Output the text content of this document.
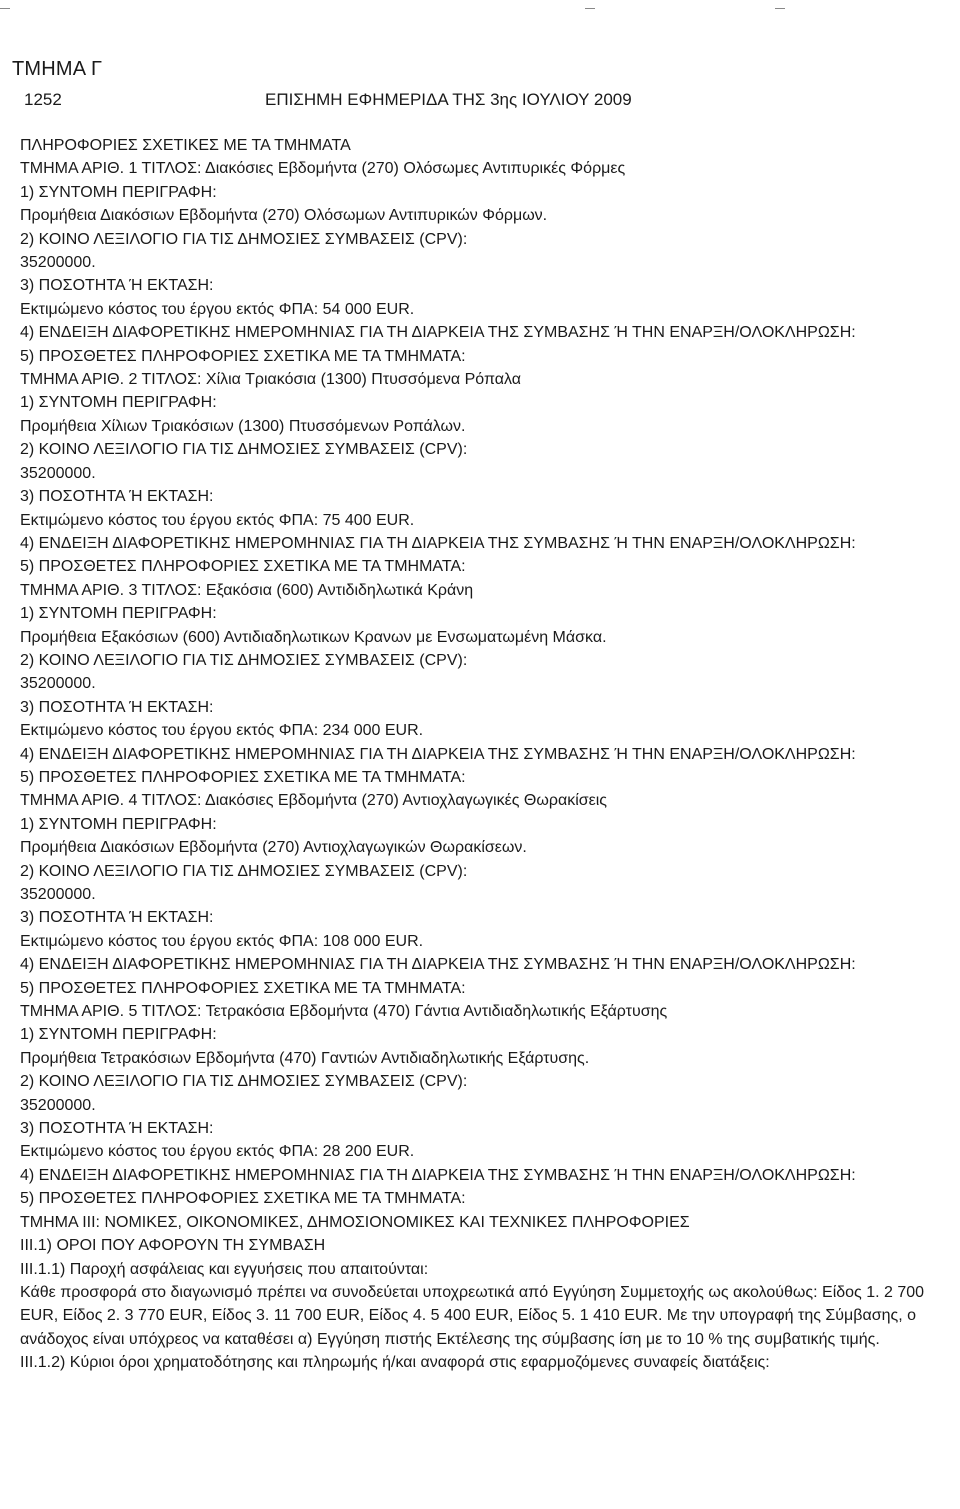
ΤΜΗΜΑ Γ
1252	ΕΠΙΣΗΜΗ ΕΦΗΜΕΡΙΔΑ ΤΗΣ 3ης ΙΟΥΛΙΟΥ 2009
ΠΛΗΡΟΦΟΡΙΕΣ ΣΧΕΤΙΚΕΣ ΜΕ ΤΑ ΤΜΗΜΑΤΑ
ΤΜΗΜΑ ΑΡΙΘ. 1 ΤΙΤΛΟΣ: Διακόσιες Εβδομήντα (270) Ολόσωμες Αντιπυρικές Φόρμες
1) ΣΥΝΤΟΜΗ ΠΕΡΙΓΡΑΦΗ:
Προμήθεια Διακόσιων Εβδομήντα (270) Ολόσωμων Αντιπυρικών Φόρμων.
2) ΚΟΙΝΟ ΛΕΞΙΛΟΓΙΟ ΓΙΑ ΤΙΣ ΔΗΜΟΣΙΕΣ ΣΥΜΒΑΣΕΙΣ (CPV):
35200000.
3) ΠΟΣΟΤΗΤΑ Ή ΕΚΤΑΣΗ:
Εκτιμώμενο κόστος του έργου εκτός ΦΠΑ: 54 000 EUR.
4) ΕΝΔΕΙΞΗ ΔΙΑΦΟΡΕΤΙΚΗΣ ΗΜΕΡΟΜΗΝΙΑΣ ΓΙΑ ΤΗ ΔΙΑΡΚΕΙΑ ΤΗΣ ΣΥΜΒΑΣΗΣ Ή ΤΗΝ ΕΝΑΡΞΗ/ΟΛΟΚΛΗΡΩΣΗ:
5) ΠΡΟΣΘΕΤΕΣ ΠΛΗΡΟΦΟΡΙΕΣ ΣΧΕΤΙΚΑ ΜΕ ΤΑ ΤΜΗΜΑΤΑ:
ΤΜΗΜΑ ΑΡΙΘ. 2 ΤΙΤΛΟΣ: Χίλια Τριακόσια (1300) Πτυσσόμενα Ρόπαλα
1) ΣΥΝΤΟΜΗ ΠΕΡΙΓΡΑΦΗ:
Προμήθεια Χίλιων Τριακόσιων (1300) Πτυσσόμενων Ροπάλων.
2) ΚΟΙΝΟ ΛΕΞΙΛΟΓΙΟ ΓΙΑ ΤΙΣ ΔΗΜΟΣΙΕΣ ΣΥΜΒΑΣΕΙΣ (CPV):
35200000.
3) ΠΟΣΟΤΗΤΑ Ή ΕΚΤΑΣΗ:
Εκτιμώμενο κόστος του έργου εκτός ΦΠΑ: 75 400 EUR.
4) ΕΝΔΕΙΞΗ ΔΙΑΦΟΡΕΤΙΚΗΣ ΗΜΕΡΟΜΗΝΙΑΣ ΓΙΑ ΤΗ ΔΙΑΡΚΕΙΑ ΤΗΣ ΣΥΜΒΑΣΗΣ Ή ΤΗΝ ΕΝΑΡΞΗ/ΟΛΟΚΛΗΡΩΣΗ:
5) ΠΡΟΣΘΕΤΕΣ ΠΛΗΡΟΦΟΡΙΕΣ ΣΧΕΤΙΚΑ ΜΕ ΤΑ ΤΜΗΜΑΤΑ:
ΤΜΗΜΑ ΑΡΙΘ. 3 ΤΙΤΛΟΣ: Εξακόσια (600) Αντιδιδηλωτικά Κράνη
1) ΣΥΝΤΟΜΗ ΠΕΡΙΓΡΑΦΗ:
Προμήθεια Εξακόσιων (600) Αντιδιαδηλωτικων Κρανων με Ενσωματωμένη Μάσκα.
2) ΚΟΙΝΟ ΛΕΞΙΛΟΓΙΟ ΓΙΑ ΤΙΣ ΔΗΜΟΣΙΕΣ ΣΥΜΒΑΣΕΙΣ (CPV):
35200000.
3) ΠΟΣΟΤΗΤΑ Ή ΕΚΤΑΣΗ:
Εκτιμώμενο κόστος του έργου εκτός ΦΠΑ: 234 000 EUR.
4) ΕΝΔΕΙΞΗ ΔΙΑΦΟΡΕΤΙΚΗΣ ΗΜΕΡΟΜΗΝΙΑΣ ΓΙΑ ΤΗ ΔΙΑΡΚΕΙΑ ΤΗΣ ΣΥΜΒΑΣΗΣ Ή ΤΗΝ ΕΝΑΡΞΗ/ΟΛΟΚΛΗΡΩΣΗ:
5) ΠΡΟΣΘΕΤΕΣ ΠΛΗΡΟΦΟΡΙΕΣ ΣΧΕΤΙΚΑ ΜΕ ΤΑ ΤΜΗΜΑΤΑ:
ΤΜΗΜΑ ΑΡΙΘ. 4 ΤΙΤΛΟΣ: Διακόσιες Εβδομήντα (270) Αντιοχλαγωγικές Θωρακίσεις
1) ΣΥΝΤΟΜΗ ΠΕΡΙΓΡΑΦΗ:
Προμήθεια Διακόσιων Εβδομήντα (270) Αντιοχλαγωγικών Θωρακίσεων.
2) ΚΟΙΝΟ ΛΕΞΙΛΟΓΙΟ ΓΙΑ ΤΙΣ ΔΗΜΟΣΙΕΣ ΣΥΜΒΑΣΕΙΣ (CPV):
35200000.
3) ΠΟΣΟΤΗΤΑ Ή ΕΚΤΑΣΗ:
Εκτιμώμενο κόστος του έργου εκτός ΦΠΑ: 108 000 EUR.
4) ΕΝΔΕΙΞΗ ΔΙΑΦΟΡΕΤΙΚΗΣ ΗΜΕΡΟΜΗΝΙΑΣ ΓΙΑ ΤΗ ΔΙΑΡΚΕΙΑ ΤΗΣ ΣΥΜΒΑΣΗΣ Ή ΤΗΝ ΕΝΑΡΞΗ/ΟΛΟΚΛΗΡΩΣΗ:
5) ΠΡΟΣΘΕΤΕΣ ΠΛΗΡΟΦΟΡΙΕΣ ΣΧΕΤΙΚΑ ΜΕ ΤΑ ΤΜΗΜΑΤΑ:
ΤΜΗΜΑ ΑΡΙΘ. 5 ΤΙΤΛΟΣ: Τετρακόσια Εβδομήντα (470) Γάντια Αντιδιαδηλωτικής Εξάρτυσης
1) ΣΥΝΤΟΜΗ ΠΕΡΙΓΡΑΦΗ:
Προμήθεια Τετρακόσιων Εβδομήντα (470) Γαντιών Αντιδιαδηλωτικής Εξάρτυσης.
2) ΚΟΙΝΟ ΛΕΞΙΛΟΓΙΟ ΓΙΑ ΤΙΣ ΔΗΜΟΣΙΕΣ ΣΥΜΒΑΣΕΙΣ (CPV):
35200000.
3) ΠΟΣΟΤΗΤΑ Ή ΕΚΤΑΣΗ:
Εκτιμώμενο κόστος του έργου εκτός ΦΠΑ: 28 200 EUR.
4) ΕΝΔΕΙΞΗ ΔΙΑΦΟΡΕΤΙΚΗΣ ΗΜΕΡΟΜΗΝΙΑΣ ΓΙΑ ΤΗ ΔΙΑΡΚΕΙΑ ΤΗΣ ΣΥΜΒΑΣΗΣ Ή ΤΗΝ ΕΝΑΡΞΗ/ΟΛΟΚΛΗΡΩΣΗ:
5) ΠΡΟΣΘΕΤΕΣ ΠΛΗΡΟΦΟΡΙΕΣ ΣΧΕΤΙΚΑ ΜΕ ΤΑ ΤΜΗΜΑΤΑ:
ΤΜΗΜΑ III: ΝΟΜΙΚΕΣ, ΟΙΚΟΝΟΜΙΚΕΣ, ΔΗΜΟΣΙΟΝΟΜΙΚΕΣ ΚΑΙ ΤΕΧΝΙΚΕΣ ΠΛΗΡΟΦΟΡΙΕΣ
III.1) ΟΡΟΙ ΠΟΥ ΑΦΟΡΟΥΝ ΤΗ ΣΥΜΒΑΣΗ
III.1.1) Παροχή ασφάλειας και εγγυήσεις που απαιτούνται:
Κάθε προσφορά στο διαγωνισμό πρέπει να συνοδεύεται υποχρεωτικά από Εγγύηση Συμμετοχής ως ακολούθως: Είδος 1. 2 700 EUR, Είδος 2. 3 770 EUR, Είδος 3. 11 700 EUR, Είδος 4. 5 400 EUR, Είδος 5. 1 410 EUR. Με την υπογραφή της Σύμβασης, ο ανάδοχος είναι υπόχρεος να καταθέσει α) Εγγύηση πιστής Εκτέλεσης της σύμβασης ίση με το 10 % της συμβατικής τιμής.
III.1.2) Κύριοι όροι χρηματοδότησης και πληρωμής ή/και αναφορά στις εφαρμοζόμενες συναφείς διατάξεις:
